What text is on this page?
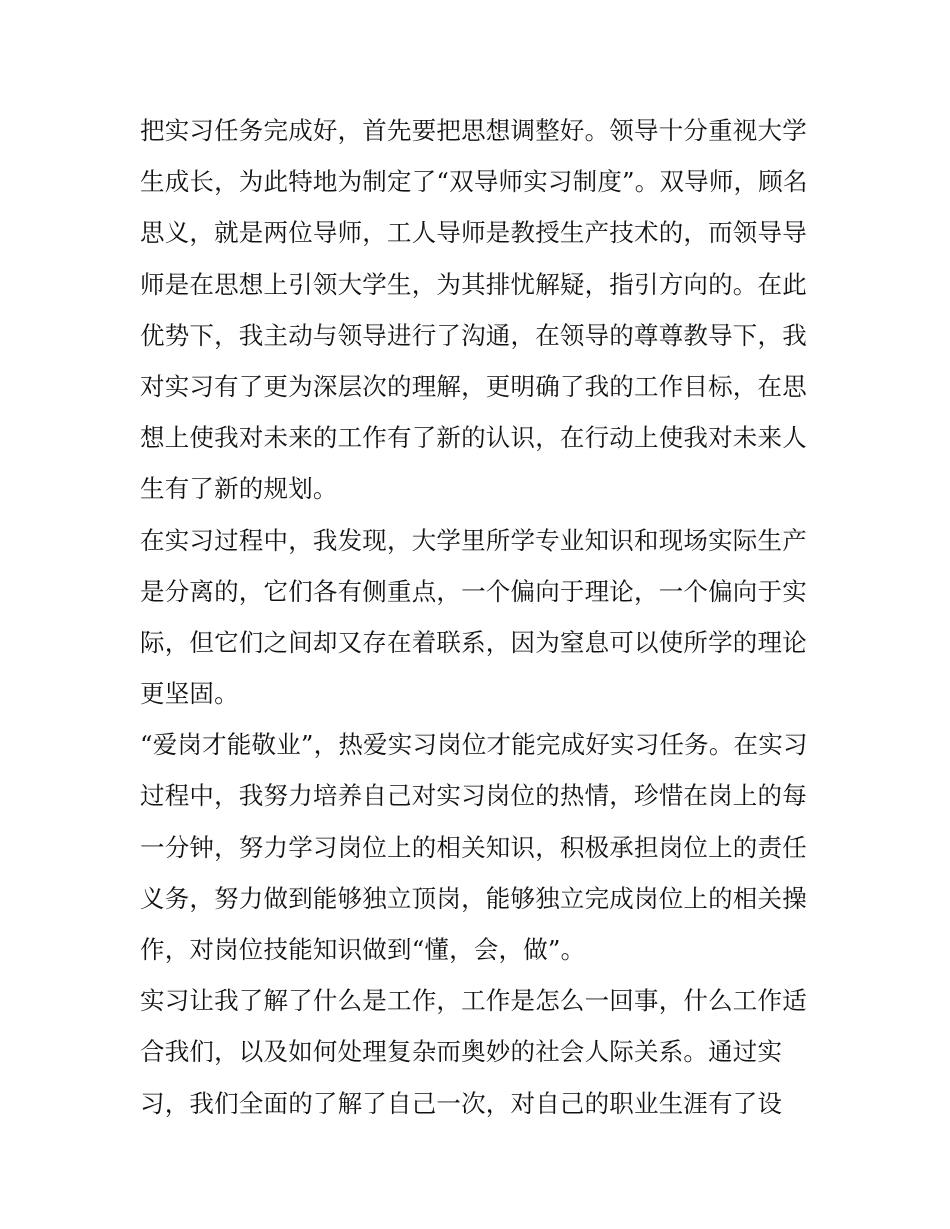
把实习任务完成好，首先要把思想调整好。领导十分重视大学
生成长，为此特地为制定了“双导师实习制度”。双导师，顾名
思义，就是两位导师，工人导师是教授生产技术的，而领导导
师是在思想上引领大学生，为其排忧解疑，指引方向的。在此
优势下，我主动与领导进行了沟通，在领导的尊尊教导下，我
对实习有了更为深层次的理解，更明确了我的工作目标，在思
想上使我对未来的工作有了新的认识，在行动上使我对未来人
生有了新的规划。
在实习过程中，我发现，大学里所学专业知识和现场实际生产
是分离的，它们各有侧重点，一个偏向于理论，一个偏向于实
际，但它们之间却又存在着联系，因为窒息可以使所学的理论
更坚固。
“爱岗才能敬业”，热爱实习岗位才能完成好实习任务。在实习
过程中，我努力培养自己对实习岗位的热情，珍惜在岗上的每
一分钟，努力学习岗位上的相关知识，积极承担岗位上的责任
义务，努力做到能够独立顶岗，能够独立完成岗位上的相关操
作，对岗位技能知识做到“懂，会，做”。
实习让我了解了什么是工作，工作是怎么一回事，什么工作适
合我们，以及如何处理复杂而奥妙的社会人际关系。通过实
习，我们全面的了解了自己一次，对自己的职业生涯有了设
